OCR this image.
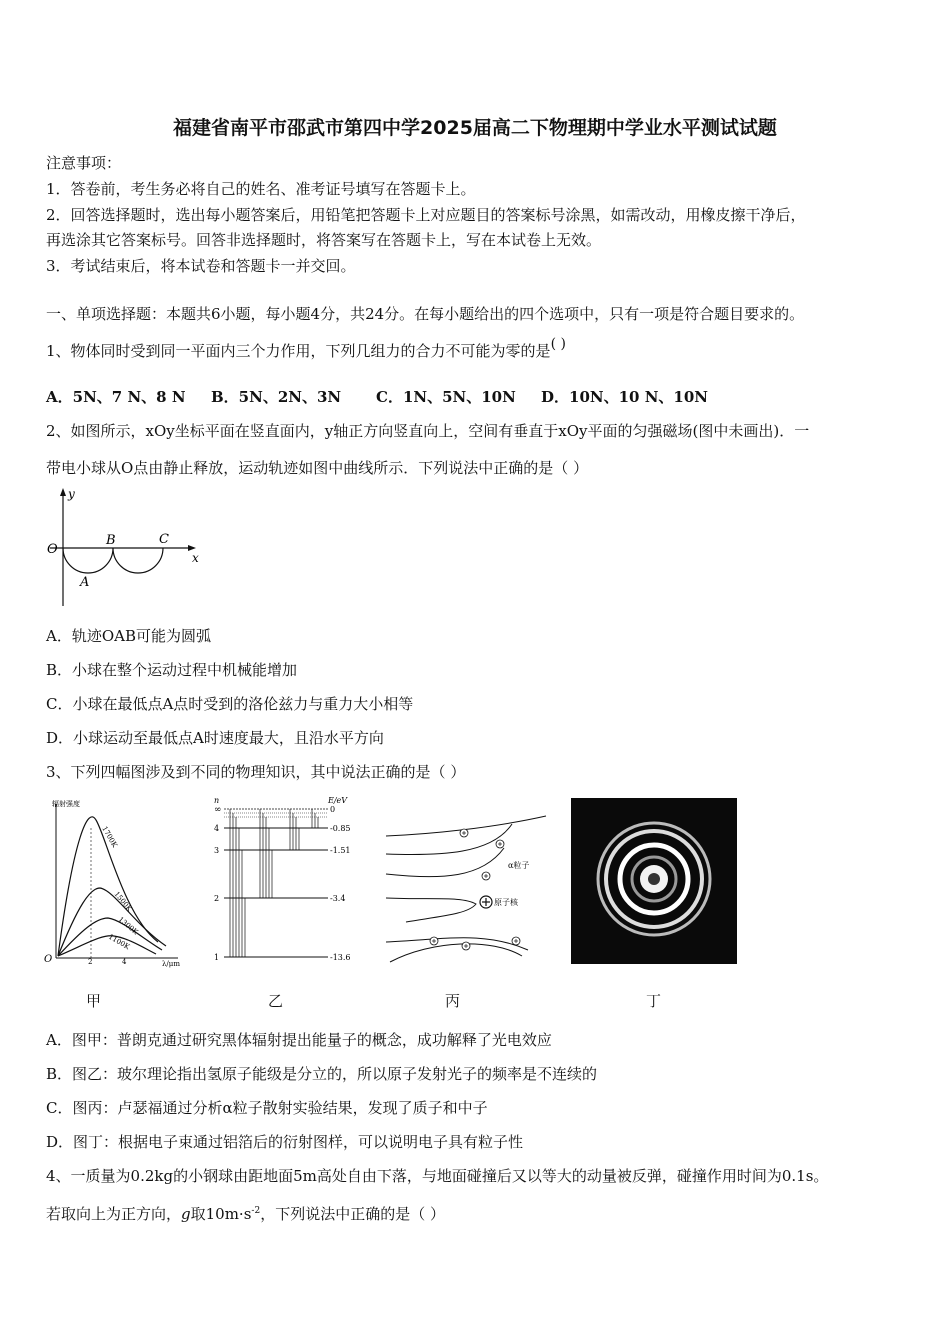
福建省南平市邵武市第四中学2025届高二下物理期中学业水平测试试题
注意事项：
1．答卷前，考生务必将自己的姓名、准考证号填写在答题卡上。
2．回答选择题时，选出每小题答案后，用铅笔把答题卡上对应题目的答案标号涂黑，如需改动，用橡皮擦干净后，
再选涂其它答案标号。回答非选择题时，将答案写在答题卡上，写在本试卷上无效。
3．考试结束后，将本试卷和答题卡一并交回。
一、单项选择题：本题共6小题，每小题4分，共24分。在每小题给出的四个选项中，只有一项是符合题目要求的。
1、物体同时受到同一平面内三个力作用，下列几组力的合力不可能为零的是( )
A．5N、7 N、8 N B．5N、2N、3N C．1N、5N、10N D．10N、10 N、10N
2、如图所示，xOy坐标平面在竖直面内，y轴正方向竖直向上，空间有垂直于xOy平面的匀强磁场(图中未画出)．一
带电小球从O点由静止释放，运动轨迹如图中曲线所示．下列说法中正确的是（ ）
y
O
B	C
x
A
A．轨迹OAB可能为圆弧
B．小球在整个运动过程中机械能增加
C．小球在最低点A点时受到的洛伦兹力与重力大小相等
D．小球运动至最低点A时速度最大，且沿水平方向
3、下列四幅图涉及到不同的物理知识，其中说法正确的是（ ）
辐射强度
O	λ/μm
2	4
1700K
1500K
1300K
1100K
n
∞
E/eV
0
4	-0.85
3	-1.51
2	-3.4
1	-13.6
原子核
α粒子
甲	乙	丙	丁
A．图甲：普朗克通过研究黑体辐射提出能量子的概念，成功解释了光电效应
B．图乙：玻尔理论指出氢原子能级是分立的，所以原子发射光子的频率是不连续的
C．图丙：卢瑟福通过分析α粒子散射实验结果，发现了质子和中子
D．图丁：根据电子束通过铝箔后的衍射图样，可以说明电子具有粒子性
4、一质量为0.2kg的小钢球由距地面5m高处自由下落，与地面碰撞后又以等大的动量被反弹，碰撞作用时间为0.1s。
若取向上为正方向，g取$10m\cdot s^{-2}$，下列说法中正确的是（ ）
